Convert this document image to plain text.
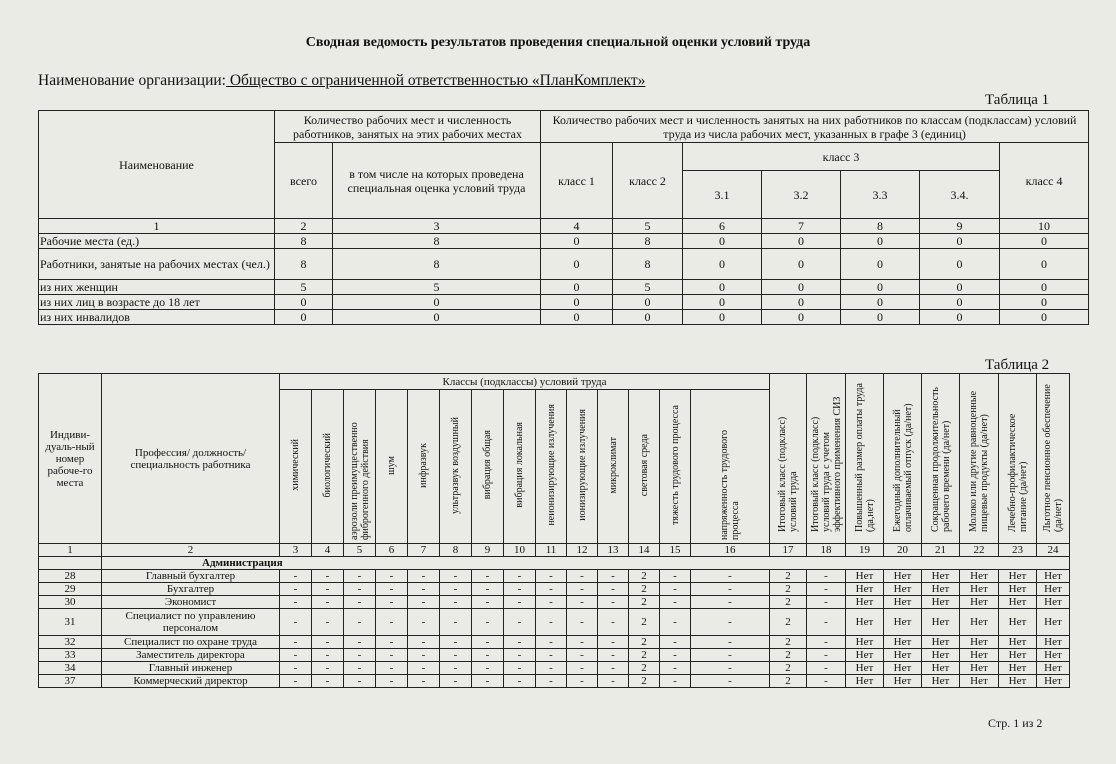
Сводная ведомость результатов проведения специальной оценки условий труда
Наименование организации: Общество с ограниченной ответственностью «ПланКомплект»
Таблица 1
Наименование	Количество рабочих мест и численность работников, занятых на этих рабочих местах		Количество рабочих мест и численность занятых на них работников по классам (подклассам) условий труда из числа рабочих мест, указанных в графе 3 (единиц)						
	всего	в том числе на которых проведена специальная оценка условий труда	класс 1	класс 2	класс 3				класс 4
					3.1	3.2	3.3	3.4.	
1	2	3	4	5	6	7	8	9	10
Рабочие места (ед.)	8	8	0	8	0	0	0	0	0
Работники, занятые на рабочих местах (чел.)	8	8	0	8	0	0	0	0	0
из них женщин	5	5	0	5	0	0	0	0	0
из них лиц в возрасте до 18 лет	0	0	0	0	0	0	0	0	0
из них инвалидов	0	0	0	0	0	0	0	0	0
Таблица 2
Индиви-дуаль-ный номер рабоче-го места	Профессия/ должность/ специальность работника	Классы (подклассы) условий труда														Итоговый класс (подкласс) условий труда	Итоговый класс (подкласс) условий труда с учетом эффективного применения СИЗ	Повышенный размер оплаты труда (да,нет)	Ежегодный дополнительный оплачиваемый отпуск (да/нет)	Сокращенная продолжительность рабочего времени (да/нет)	Молоко или другие равноценные пищевые продукты (да/нет)	Лечебно-профилактическое питание (да/нет)	Льготное пенсионное обеспечение (да/нет)
		химический	биологический	аэрозоли преимущественно фиброгенного действия	шум	инфразвук	ультразвук воздушный	вибрация общая	вибрация локальная	неионизирующие излучения	ионизирующие излучения	микроклимат	световая среда	тяжесть трудового процесса	напряженность трудового процесса								
1	2	3	4	5	6	7	8	9	10	11	12	13	14	15	16	17	18	19	20	21	22	23	24
	Администрация																						
28	Главный бухгалтер	-	-	-	-	-	-	-	-	-	-	-	2	-	-	2	-	Нет	Нет	Нет	Нет	Нет	Нет
29	Бухгалтер	-	-	-	-	-	-	-	-	-	-	-	2	-	-	2	-	Нет	Нет	Нет	Нет	Нет	Нет
30	Экономист	-	-	-	-	-	-	-	-	-	-	-	2	-	-	2	-	Нет	Нет	Нет	Нет	Нет	Нет
31	Специалист по управлению персоналом	-	-	-	-	-	-	-	-	-	-	-	2	-	-	2	-	Нет	Нет	Нет	Нет	Нет	Нет
32	Специалист по охране труда	-	-	-	-	-	-	-	-	-	-	-	2	-	-	2	-	Нет	Нет	Нет	Нет	Нет	Нет
33	Заместитель директора	-	-	-	-	-	-	-	-	-	-	-	2	-	-	2	-	Нет	Нет	Нет	Нет	Нет	Нет
34	Главный инженер	-	-	-	-	-	-	-	-	-	-	-	2	-	-	2	-	Нет	Нет	Нет	Нет	Нет	Нет
37	Коммерческий директор	-	-	-	-	-	-	-	-	-	-	-	2	-	-	2	-	Нет	Нет	Нет	Нет	Нет	Нет
Стр. 1 из 2
